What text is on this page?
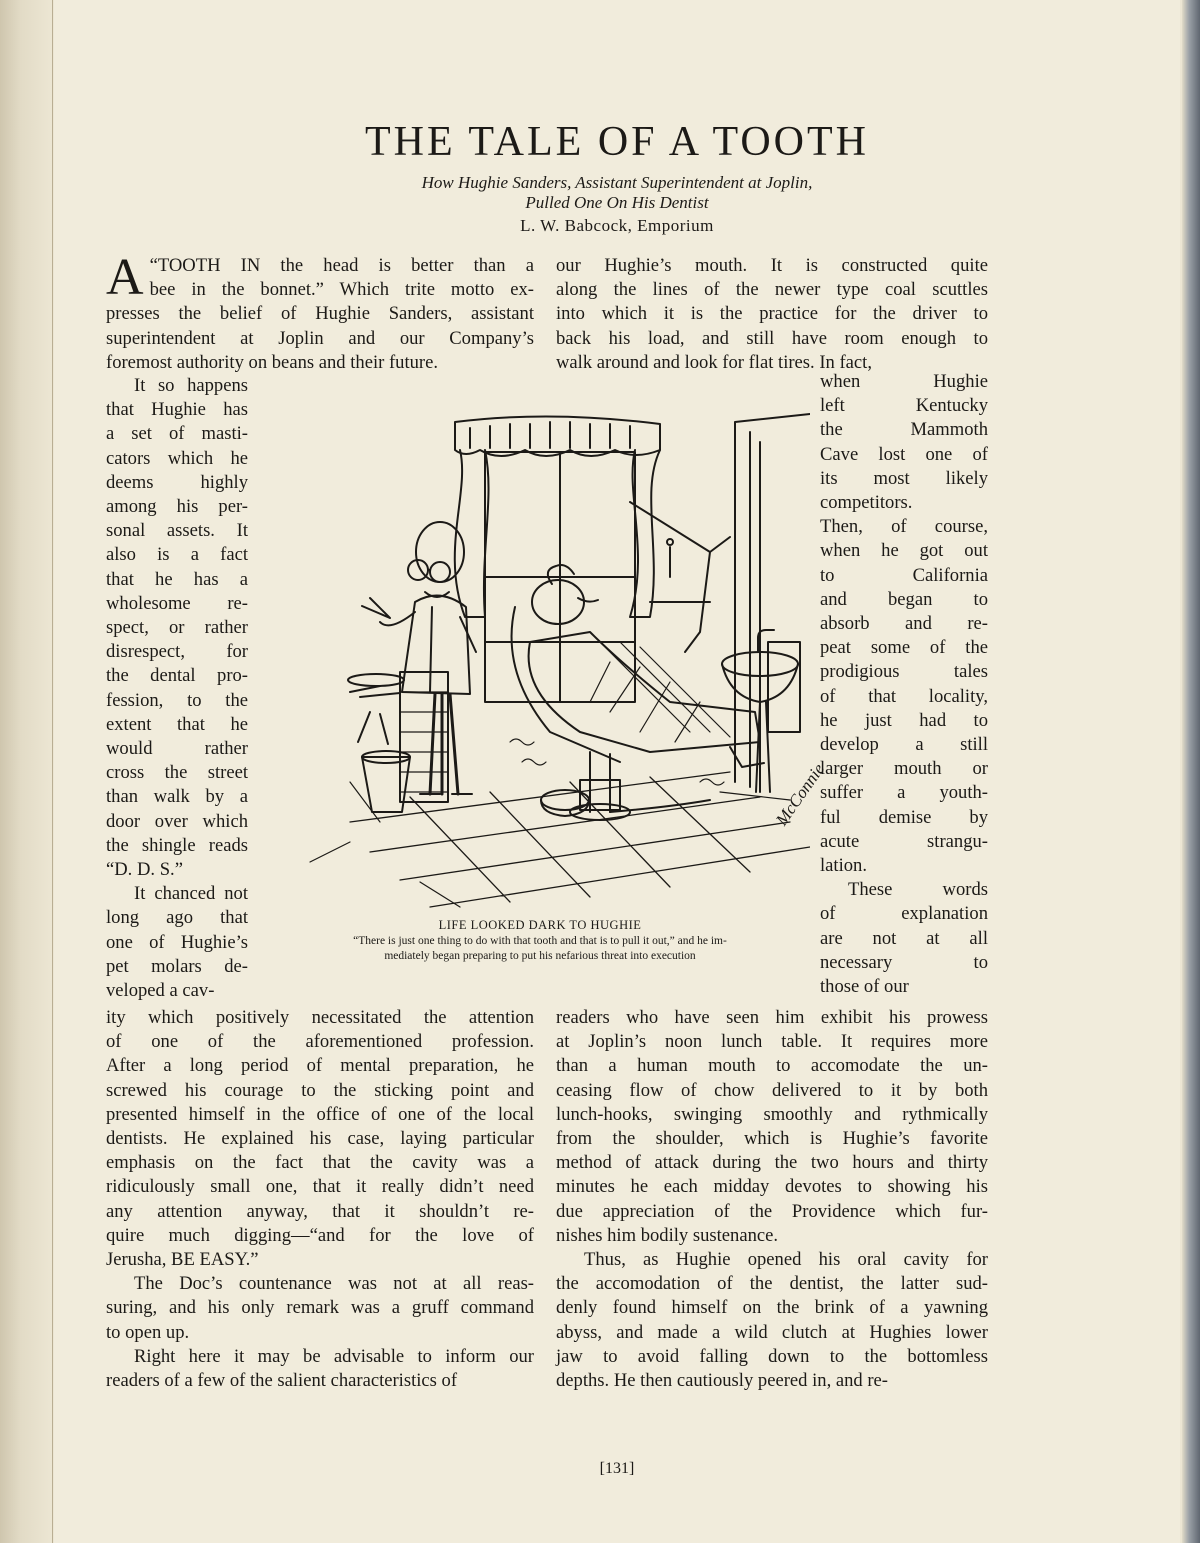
THE TALE OF A TOOTH
How Hughie Sanders, Assistant Superintendent at Joplin,
Pulled One On His Dentist
L. W. Babcock, Emporium

“
A TOOTH IN the head is better than a

bee in the bonnet.” Which trite motto ex-

presses the belief of Hughie Sanders, assistant

superintendent at Joplin and our Company’s

foremost authority on beans and their future.

our Hughie’s mouth. It is constructed quite

along the lines of the newer type coal scuttles

into which it is the practice for the driver to

back his load, and still have room enough to

walk around and look for flat tires. In fact,

It so happens

that Hughie has

a set of masti-

cators which he

deems highly

among his per-

sonal assets. It

also is a fact

that he has a

wholesome re-

spect, or rather

disrespect, for

the dental pro-

fession, to the

extent that he

would rather

cross the street

than walk by a

door over which

the shingle reads

“D. D. S.”

It chanced not

long ago that

one of Hughie’s

pet molars de-

veloped a cav-

when Hughie

left Kentucky

the Mammoth

Cave lost one of

its most likely

competitors.

Then, of course,

when he got out

to California

and began to

absorb and re-

peat some of the

prodigious tales

of that locality,

he just had to

develop a still

larger mouth or

suffer a youth-

ful demise by

acute strangu-

lation.

These words

of explanation

are not at all

necessary to

those of our

ity which positively necessitated the attention

of one of the aforementioned profession.

After a long period of mental preparation, he

screwed his courage to the sticking point and

presented himself in the office of one of the local

dentists. He explained his case, laying particular

emphasis on the fact that the cavity was a

ridiculously small one, that it really didn’t need

any attention anyway, that it shouldn’t re-

quire much digging—“and for the love of

Jerusha, BE EASY.”

The Doc’s countenance was not at all reas-

suring, and his only remark was a gruff command

to open up.

Right here it may be advisable to inform our

readers of a few of the salient characteristics of

readers who have seen him exhibit his prowess

at Joplin’s noon lunch table. It requires more

than a human mouth to accomodate the un-

ceasing flow of chow delivered to it by both

lunch-hooks, swinging smoothly and rythmically

from the shoulder, which is Hughie’s favorite

method of attack during the two hours and thirty

minutes he each midday devotes to showing his

due appreciation of the Providence which fur-

nishes him bodily sustenance.

Thus, as Hughie opened his oral cavity for

the accomodation of the dentist, the latter sud-

denly found himself on the brink of a yawning

abyss, and made a wild clutch at Hughies lower

jaw to avoid falling down to the bottomless

depths. He then cautiously peered in, and re-

McConnie
LIFE LOOKED DARK TO HUGHIE
“There is just one thing to do with that tooth and that is to pull it out,” and he im-
mediately began preparing to put his nefarious threat into execution
[131]
